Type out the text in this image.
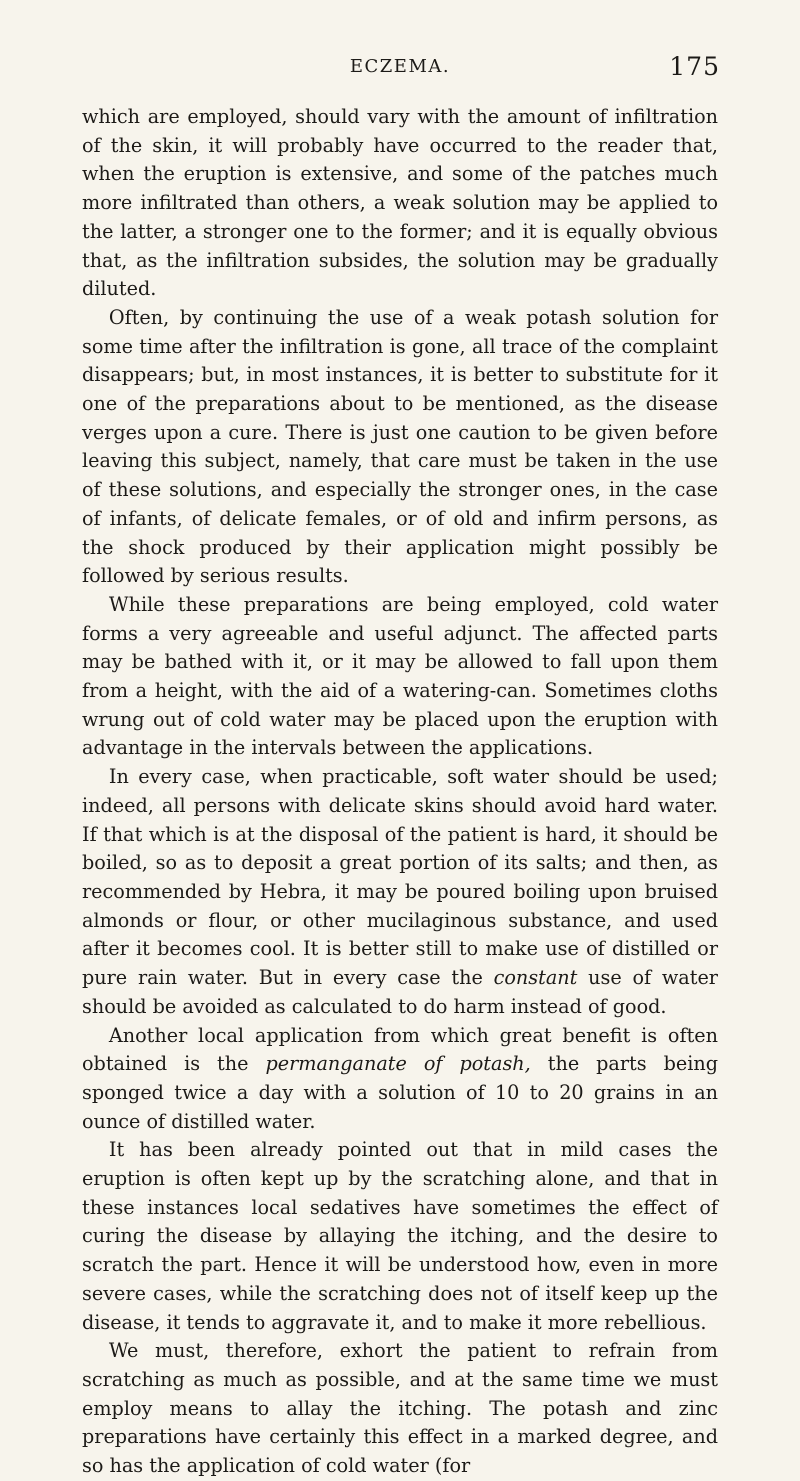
ECZEMA.	175

which are employed, should vary with the amount of infiltration of the skin, it will probably have occurred to the reader that, when the eruption is extensive, and some of the patches much more infiltrated than others, a weak solution may be applied to the latter, a stronger one to the former; and it is equally obvious that, as the infiltration subsides, the solution may be gradually diluted.

Often, by continuing the use of a weak potash solution for some time after the infiltration is gone, all trace of the complaint disappears; but, in most instances, it is better to substitute for it one of the preparations about to be mentioned, as the disease verges upon a cure. There is just one caution to be given before leaving this subject, namely, that care must be taken in the use of these solutions, and especially the stronger ones, in the case of infants, of delicate females, or of old and infirm persons, as the shock produced by their application might possibly be followed by serious results.

While these preparations are being employed, cold water forms a very agreeable and useful adjunct. The affected parts may be bathed with it, or it may be allowed to fall upon them from a height, with the aid of a watering-can. Sometimes cloths wrung out of cold water may be placed upon the eruption with advantage in the intervals between the applications.

In every case, when practicable, soft water should be used; indeed, all persons with delicate skins should avoid hard water. If that which is at the disposal of the patient is hard, it should be boiled, so as to deposit a great portion of its salts; and then, as recommended by Hebra, it may be poured boiling upon bruised almonds or flour, or other mucilaginous substance, and used after it becomes cool. It is better still to make use of distilled or pure rain water. But in every case the constant use of water should be avoided as calculated to do harm instead of good.

Another local application from which great benefit is often obtained is the permanganate of potash, the parts being sponged twice a day with a solution of 10 to 20 grains in an ounce of distilled water.

It has been already pointed out that in mild cases the eruption is often kept up by the scratching alone, and that in these instances local sedatives have sometimes the effect of curing the disease by allaying the itching, and the desire to scratch the part. Hence it will be understood how, even in more severe cases, while the scratching does not of itself keep up the disease, it tends to aggravate it, and to make it more rebellious.

We must, therefore, exhort the patient to refrain from scratching as much as possible, and at the same time we must employ means to allay the itching. The potash and zinc preparations have certainly this effect in a marked degree, and so has the application of cold water (for
